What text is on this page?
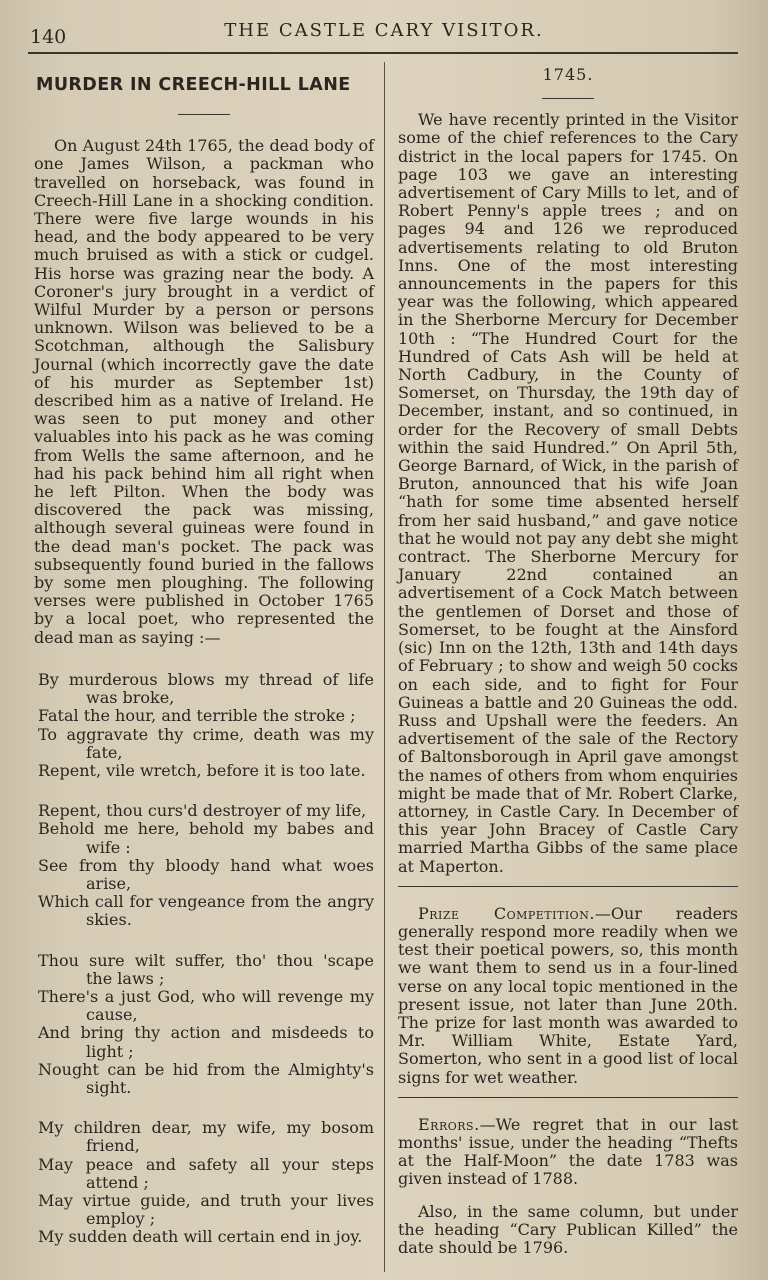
140	THE CASTLE CARY VISITOR.
MURDER IN CREECH-HILL LANE

On August 24th 1765, the dead body of one James Wilson, a packman who travelled on horseback, was found in Creech-Hill Lane in a shocking condition. There were five large wounds in his head, and the body appeared to be very much bruised as with a stick or cudgel. His horse was grazing near the body. A Coroner's jury brought in a verdict of Wilful Murder by a person or persons unknown. Wilson was believed to be a Scotchman, although the Salisbury Journal (which incorrectly gave the date of his murder as September 1st) described him as a native of Ireland. He was seen to put money and other valuables into his pack as he was coming from Wells the same afternoon, and he had his pack behind him all right when he left Pilton. When the body was discovered the pack was missing, although several guineas were found in the dead man's pocket. The pack was subsequently found buried in the fallows by some men ploughing. The following verses were published in October 1765 by a local poet, who represented the dead man as saying :—

By murderous blows my thread of life was broke,

Fatal the hour, and terrible the stroke ;

To aggravate thy crime, death was my fate,

Repent, vile wretch, before it is too late.

Repent, thou curs'd destroyer of my life,

Behold me here, behold my babes and wife :

See from thy bloody hand what woes arise,

Which call for vengeance from the angry skies.

Thou sure wilt suffer, tho' thou 'scape the laws ;

There's a just God, who will revenge my cause,

And bring thy action and misdeeds to light ;

Nought can be hid from the Almighty's sight.

My children dear, my wife, my bosom friend,

May peace and safety all your steps attend ;

May virtue guide, and truth your lives employ ;

My sudden death will certain end in joy.

1745.

We have recently printed in the Visitor some of the chief references to the Cary district in the local papers for 1745. On page 103 we gave an interesting advertisement of Cary Mills to let, and of Robert Penny's apple trees ; and on pages 94 and 126 we reproduced advertisements relating to old Bruton Inns. One of the most interesting announcements in the papers for this year was the following, which appeared in the Sherborne Mercury for December 10th : “The Hundred Court for the Hundred of Cats Ash will be held at North Cadbury, in the County of Somerset, on Thursday, the 19th day of December, instant, and so continued, in order for the Recovery of small Debts within the said Hundred.” On April 5th, George Barnard, of Wick, in the parish of Bruton, announced that his wife Joan “hath for some time absented herself from her said husband,” and gave notice that he would not pay any debt she might contract. The Sherborne Mercury for January 22nd contained an advertisement of a Cock Match between the gentlemen of Dorset and those of Somerset, to be fought at the Ainsford (sic) Inn on the 12th, 13th and 14th days of February ; to show and weigh 50 cocks on each side, and to fight for Four Guineas a battle and 20 Guineas the odd. Russ and Upshall were the feeders. An advertisement of the sale of the Rectory of Baltonsborough in April gave amongst the names of others from whom enquiries might be made that of Mr. Robert Clarke, attorney, in Castle Cary. In December of this year John Bracey of Castle Cary married Martha Gibbs of the same place at Maperton.

Prize Competition.—Our readers generally respond more readily when we test their poetical powers, so, this month we want them to send us in a four-lined verse on any local topic mentioned in the present issue, not later than June 20th. The prize for last month was awarded to Mr. William White, Estate Yard, Somerton, who sent in a good list of local signs for wet weather.

Errors.—We regret that in our last months' issue, under the heading “Thefts at the Half-Moon” the date 1783 was given instead of 1788.

Also, in the same column, but under the heading “Cary Publican Killed” the date should be 1796.
